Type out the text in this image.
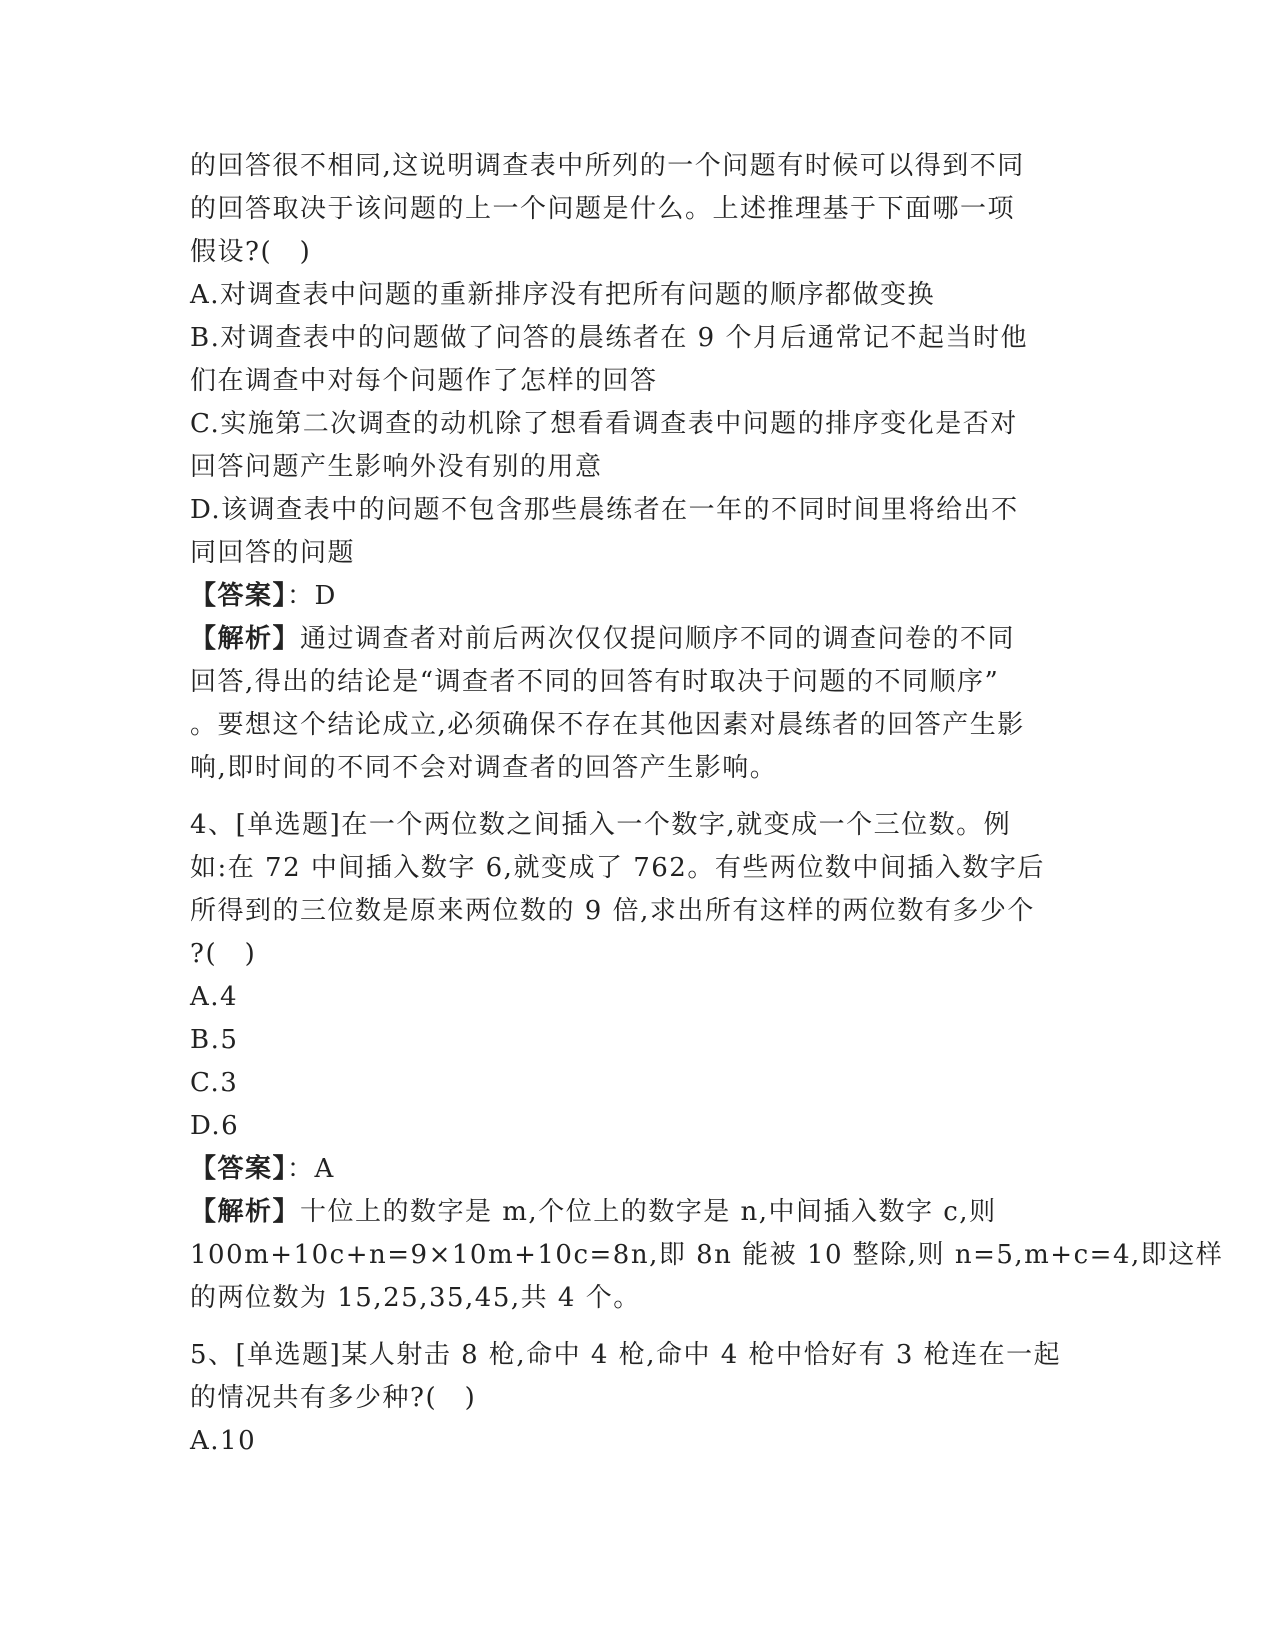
的回答很不相同,这说明调查表中所列的一个问题有时候可以得到不同
的回答取决于该问题的上一个问题是什么。上述推理基于下面哪一项
假设?(　)
A.对调查表中问题的重新排序没有把所有问题的顺序都做变换
B.对调查表中的问题做了问答的晨练者在 9 个月后通常记不起当时他
们在调查中对每个问题作了怎样的回答
C.实施第二次调查的动机除了想看看调查表中问题的排序变化是否对
回答问题产生影响外没有别的用意
D.该调查表中的问题不包含那些晨练者在一年的不同时间里将给出不
同回答的问题
【答案】：D
【解析】通过调查者对前后两次仅仅提问顺序不同的调查问卷的不同
回答,得出的结论是“调查者不同的回答有时取决于问题的不同顺序”
。要想这个结论成立,必须确保不存在其他因素对晨练者的回答产生影
响,即时间的不同不会对调查者的回答产生影响。
4、[单选题]在一个两位数之间插入一个数字,就变成一个三位数。例
如:在 72 中间插入数字 6,就变成了 762。有些两位数中间插入数字后
所得到的三位数是原来两位数的 9 倍,求出所有这样的两位数有多少个
?(　)
A.4
B.5
C.3
D.6
【答案】：A
【解析】十位上的数字是 m,个位上的数字是 n,中间插入数字 c,则
100m+10c+n=9×10m+10c=8n,即 8n 能被 10 整除,则 n=5,m+c=4,即这样
的两位数为 15,25,35,45,共 4 个。
5、[单选题]某人射击 8 枪,命中 4 枪,命中 4 枪中恰好有 3 枪连在一起
的情况共有多少种?(　)
A.10
